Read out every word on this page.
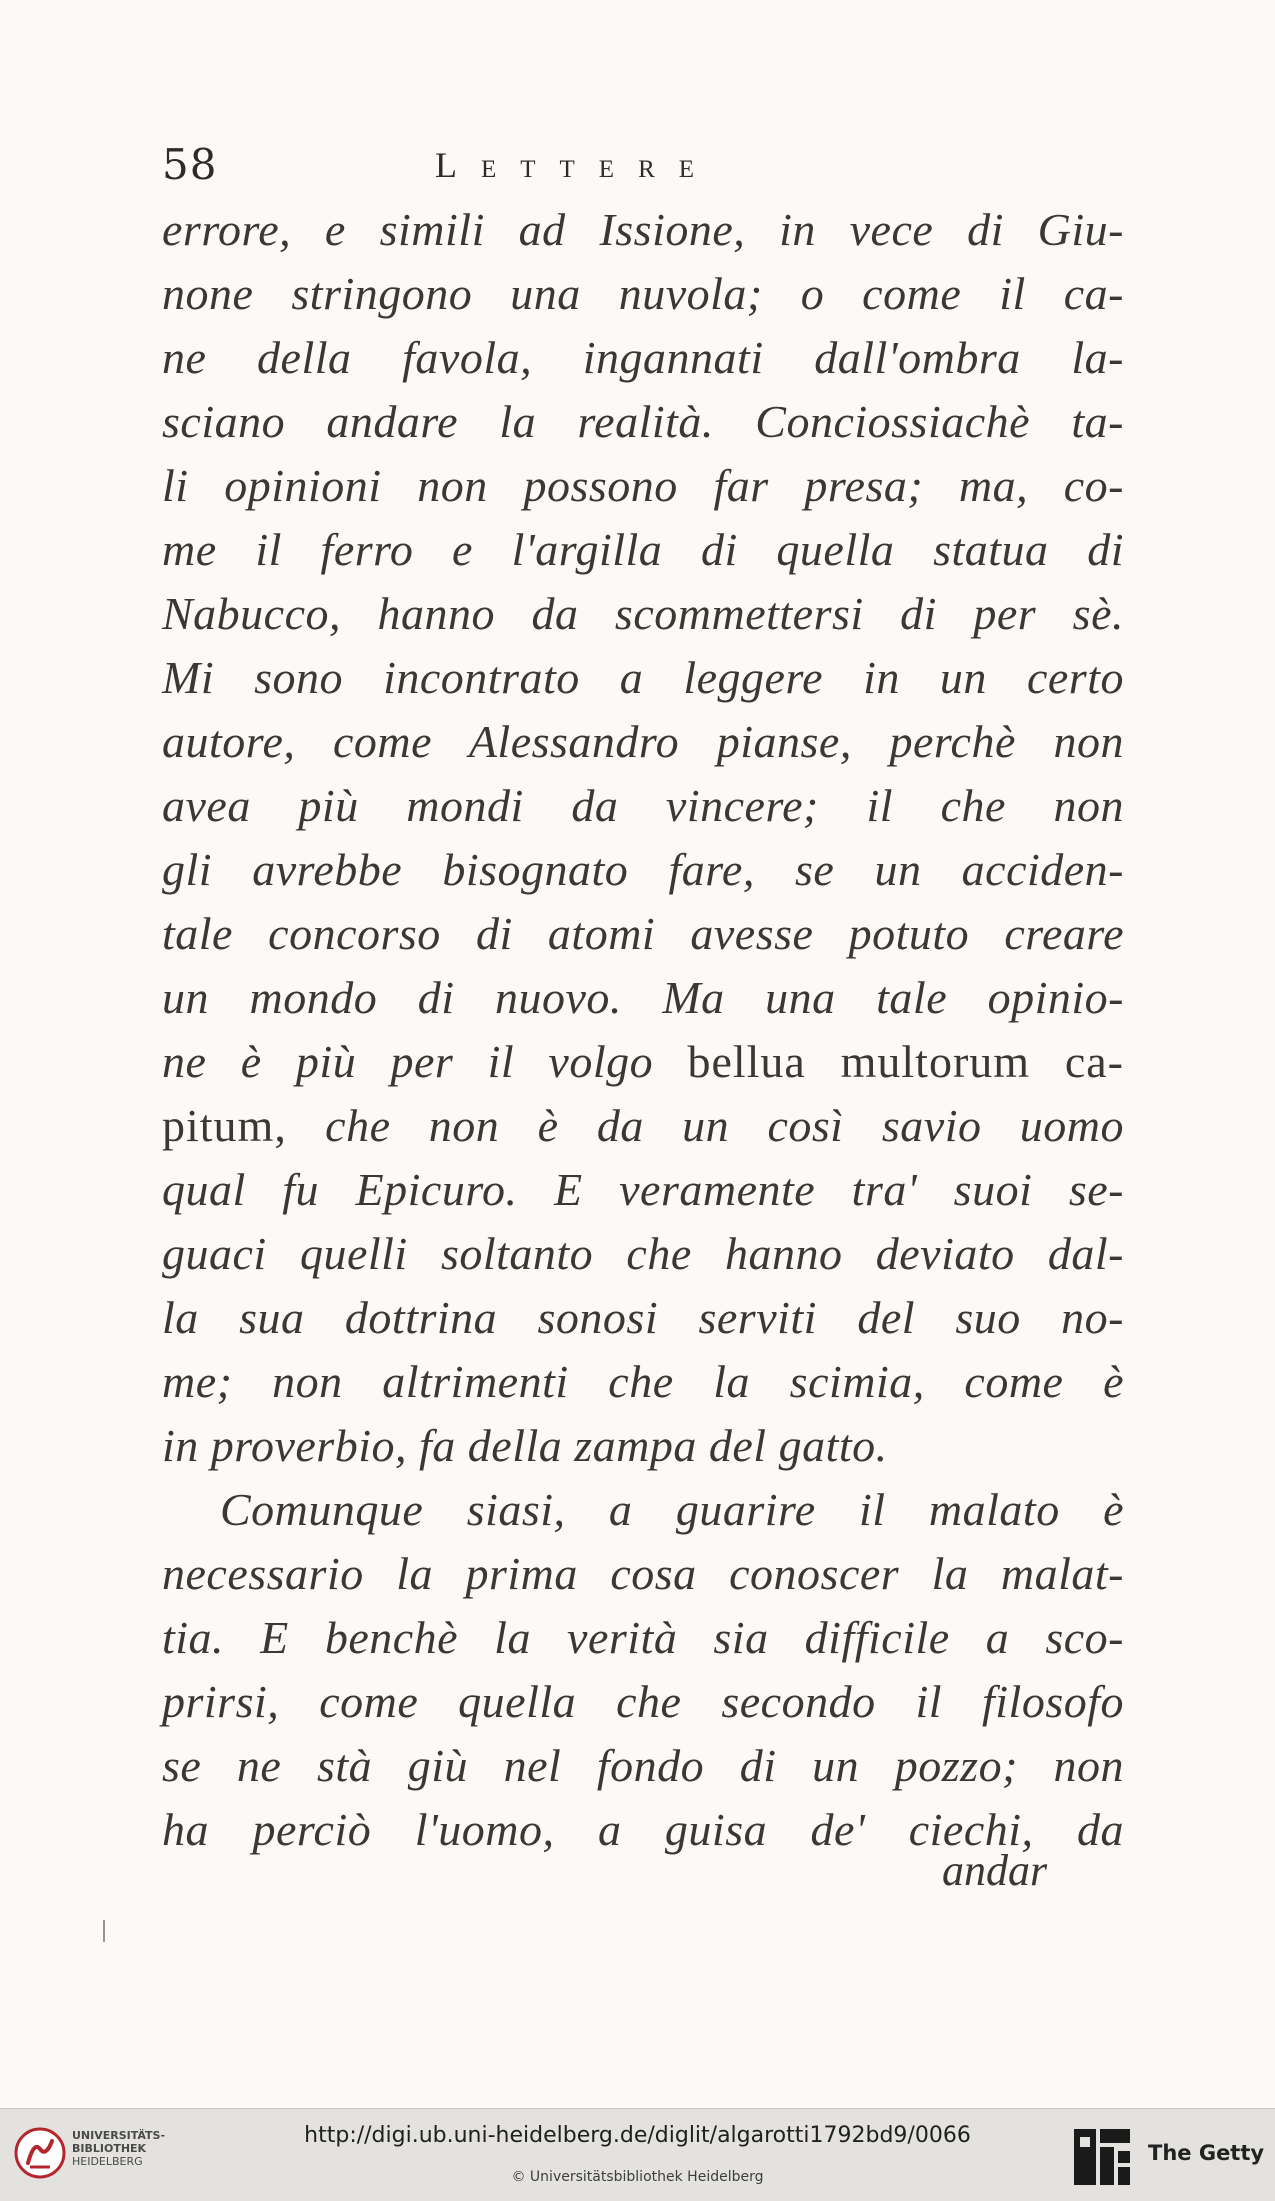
58	Lettere
errore, e simili ad Issione, in vece di Giu-
none stringono una nuvola; o come il ca-
ne della favola, ingannati dall'ombra la-
sciano andare la realità. Conciossiachè ta-
li opinioni non possono far presa; ma, co-
me il ferro e l'argilla di quella statua di
Nabucco, hanno da scommettersi di per sè.
Mi sono incontrato a leggere in un certo
autore, come Alessandro pianse, perchè non
avea più mondi da vincere; il che non
gli avrebbe bisognato fare, se un acciden-
tale concorso di atomi avesse potuto creare
un mondo di nuovo. Ma una tale opinio-
ne è più per il volgo bellua multorum ca-
pitum, che non è da un così savio uomo
qual fu Epicuro. E veramente tra' suoi se-
guaci quelli soltanto che hanno deviato dal-
la sua dottrina sonosi serviti del suo no-
me; non altrimenti che la scimia, come è
in proverbio, fa della zampa del gatto.
Comunque siasi, a guarire il malato è
necessario la prima cosa conoscer la malat-
tia. E benchè la verità sia difficile a sco-
prirsi, come quella che secondo il filosofo
se ne stà giù nel fondo di un pozzo; non
ha perciò l'uomo, a guisa de' ciechi, da
andar
UNIVERSITÄTS-
BIBLIOTHEK
HEIDELBERG
http://digi.ub.uni-heidelberg.de/diglit/algarotti1792bd9/0066
© Universitätsbibliothek Heidelberg
The Getty
